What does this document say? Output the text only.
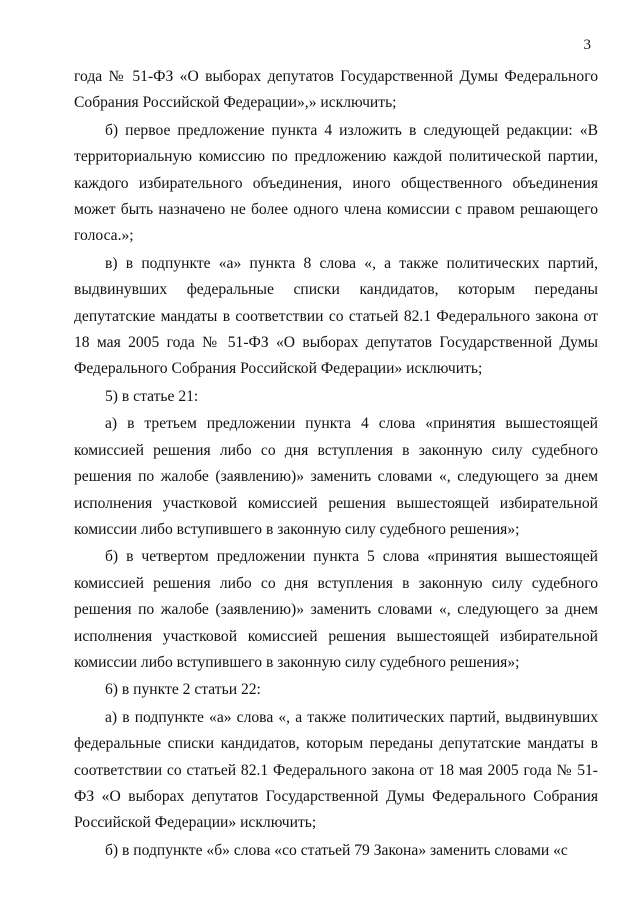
3

года № 51-ФЗ «О выборах депутатов Государственной Думы Федерального Собрания Российской Федерации»,» исключить;

б) первое предложение пункта 4 изложить в следующей редакции: «В территориальную комиссию по предложению каждой политической партии, каждого избирательного объединения, иного общественного объединения может быть назначено не более одного члена комиссии с правом решающего голоса.»;

в) в подпункте «а» пункта 8 слова «, а также политических партий, выдвинувших федеральные списки кандидатов, которым переданы депутатские мандаты в соответствии со статьей 82.1 Федерального закона от 18 мая 2005 года № 51-ФЗ «О выборах депутатов Государственной Думы Федерального Собрания Российской Федерации» исключить;

5) в статье 21:

а) в третьем предложении пункта 4 слова «принятия вышестоящей комиссией решения либо со дня вступления в законную силу судебного решения по жалобе (заявлению)» заменить словами «, следующего за днем исполнения участковой комиссией решения вышестоящей избирательной комиссии либо вступившего в законную силу судебного решения»;

б) в четвертом предложении пункта 5 слова «принятия вышестоящей комиссией решения либо со дня вступления в законную силу судебного решения по жалобе (заявлению)» заменить словами «, следующего за днем исполнения участковой комиссией решения вышестоящей избирательной комиссии либо вступившего в законную силу судебного решения»;

6) в пункте 2 статьи 22:

а) в подпункте «а» слова «, а также политических партий, выдвинувших федеральные списки кандидатов, которым переданы депутатские мандаты в соответствии со статьей 82.1 Федерального закона от 18 мая 2005 года № 51-ФЗ «О выборах депутатов Государственной Думы Федерального Собрания Российской Федерации» исключить;

б) в подпункте «б» слова «со статьей 79 Закона» заменить словами «с
